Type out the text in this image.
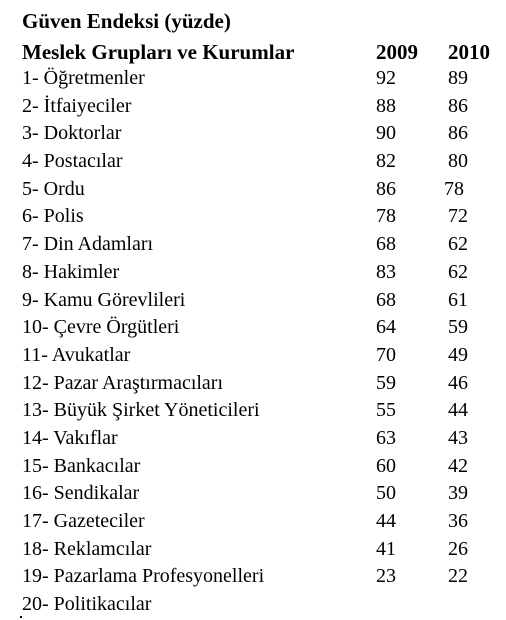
Güven Endeksi (yüzde)
Meslek Grupları ve Kurumlar	2009 2010
1- Öğretmenler	92	89
2- İtfaiyeciler	88	86
3- Doktorlar	90	86
4- Postacılar	82	80
5- Ordu	86 78
6- Polis	78	72
7- Din Adamları	68	62
8- Hakimler	83	62
9- Kamu Görevlileri	68	61
10- Çevre Örgütleri	64	59
11- Avukatlar	70	49
12- Pazar Araştırmacıları	59	46
13- Büyük Şirket Yöneticileri	55	44
14- Vakıflar	63	43
15- Bankacılar	60	42
16- Sendikalar	50	39
17- Gazeteciler	44	36
18- Reklamcılar	41	26
19- Pazarlama Profesyonelleri	23	22
20- Politikacılar
